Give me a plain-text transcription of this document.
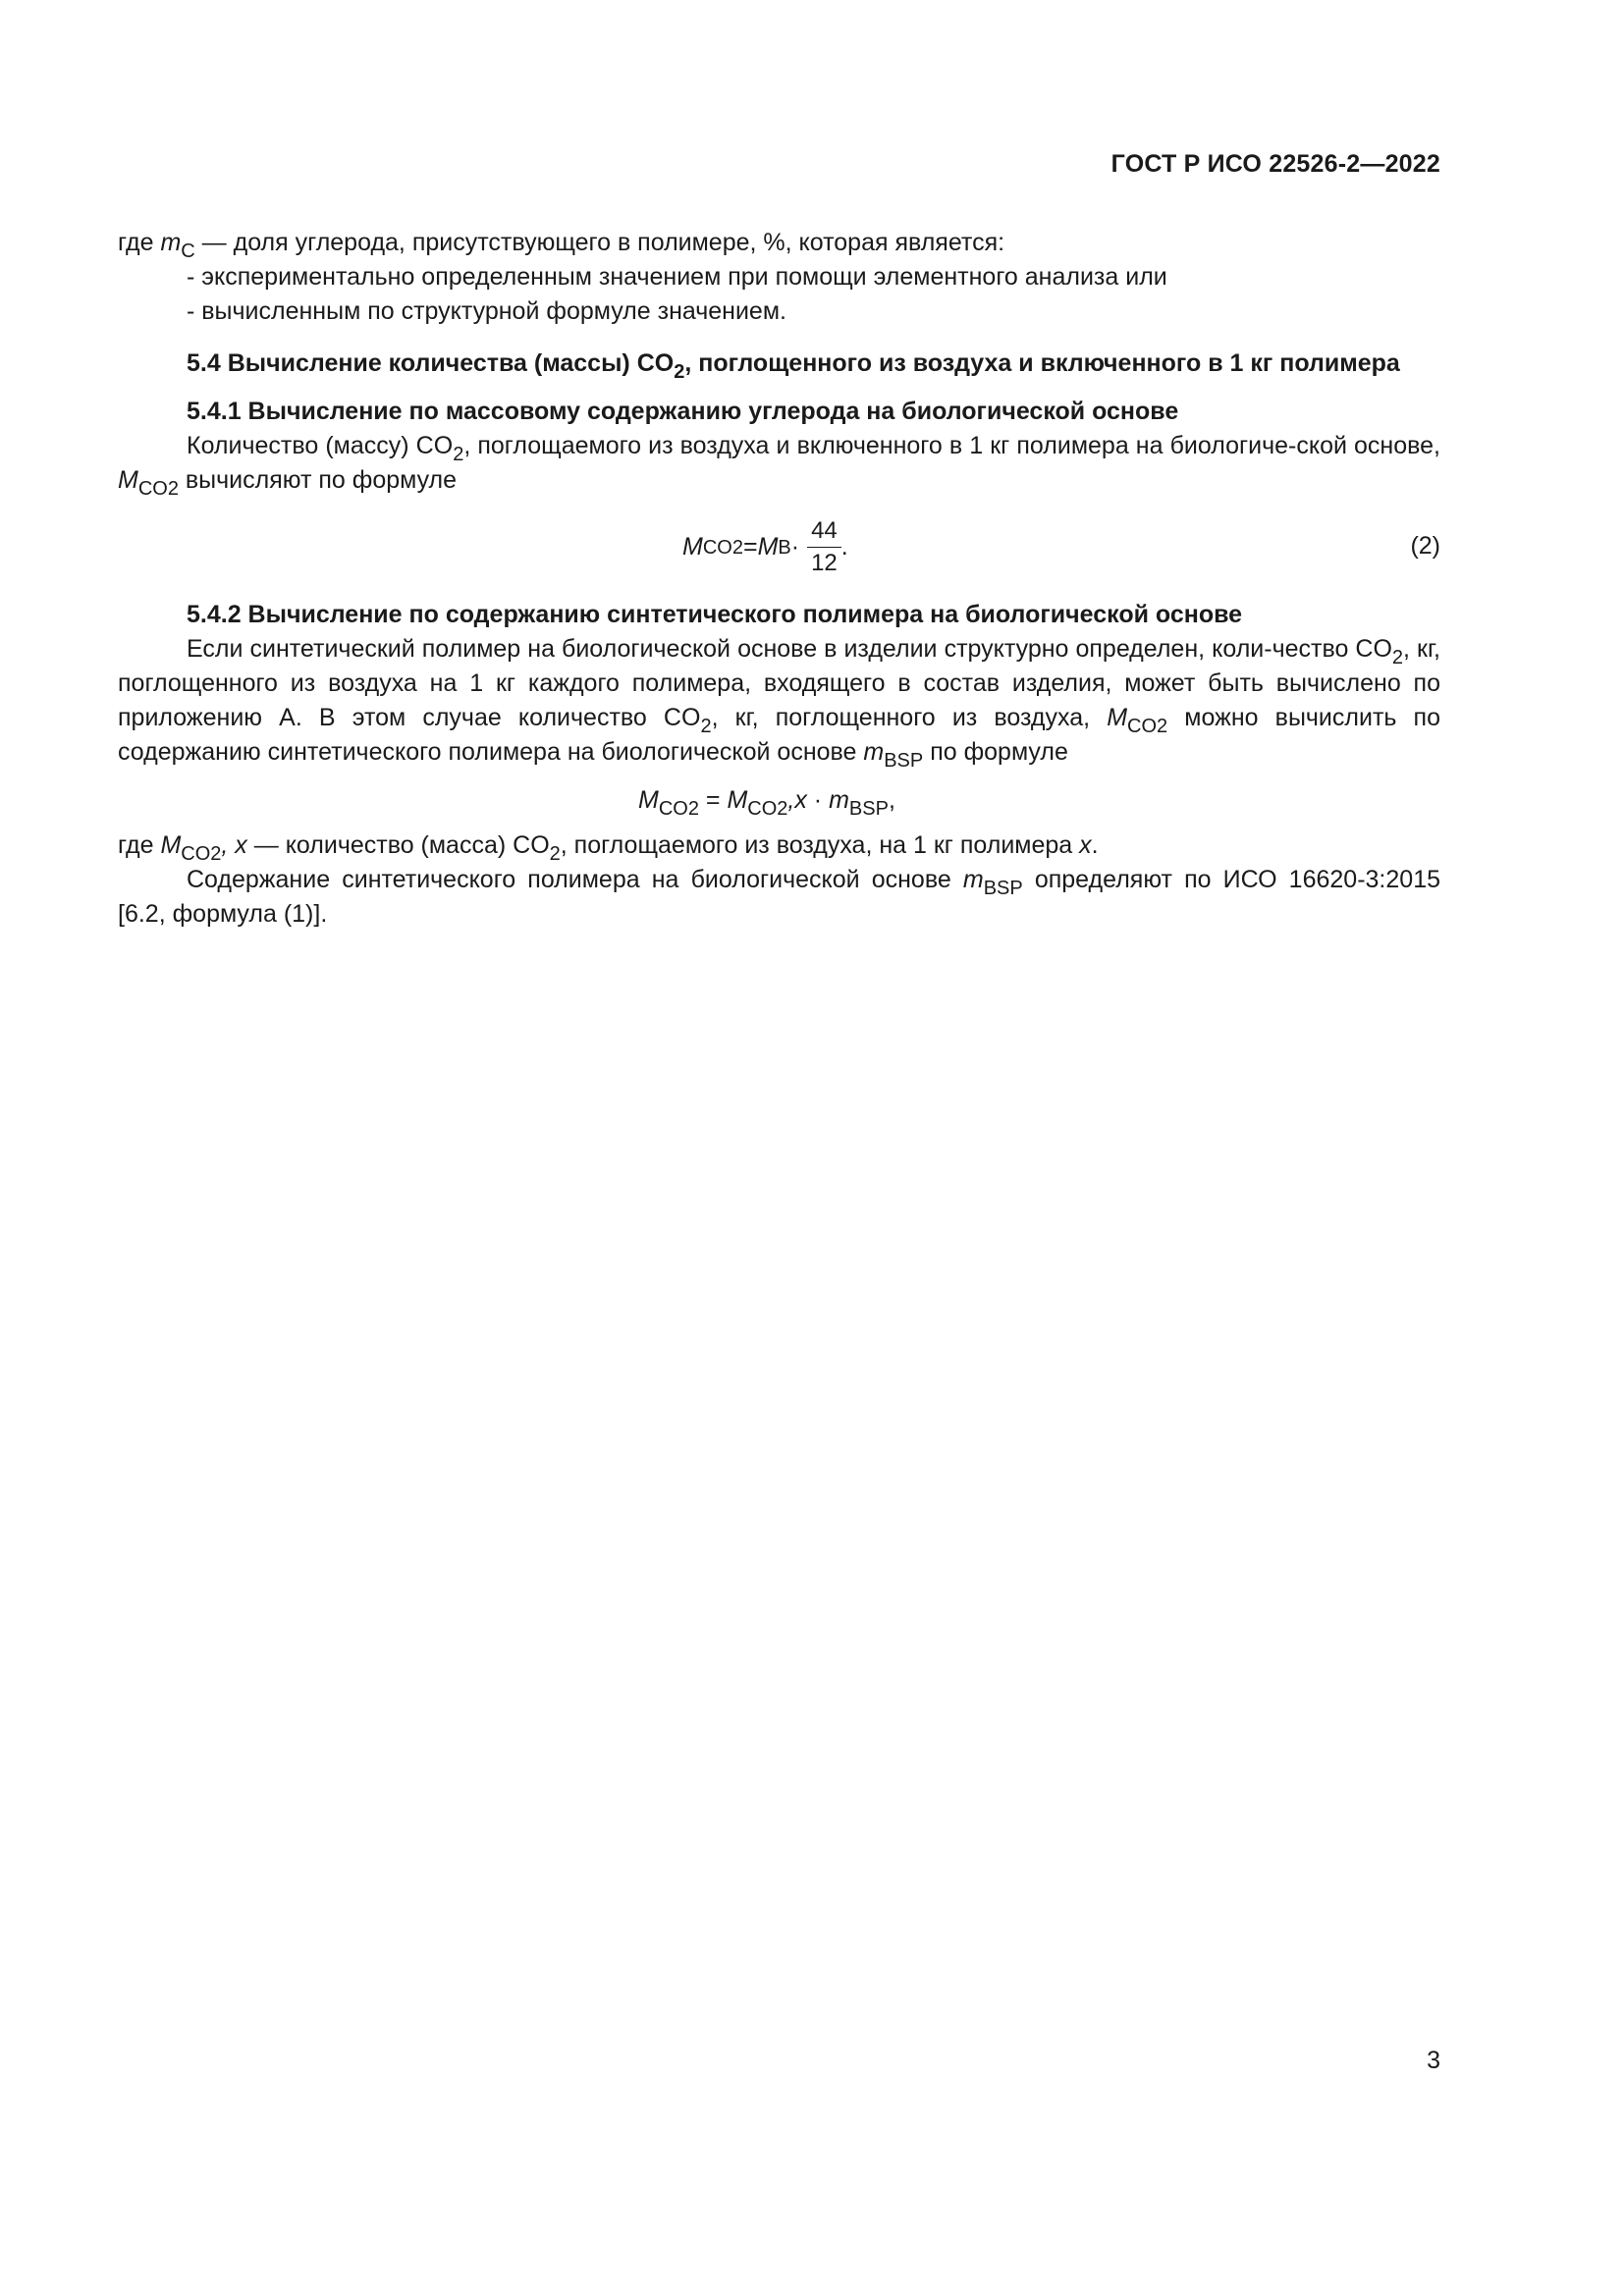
ГОСТ Р ИСО 22526-2—2022

где $m_C$ — доля углерода, присутствующего в полимере, %, которая является:

- экспериментально определенным значением при помощи элементного анализа или

- вычисленным по структурной формуле значением.

5.4 Вычисление количества (массы) $CO_2$, поглощенного из воздуха и включенного в 1 кг полимера

5.4.1 Вычисление по массовому содержанию углерода на биологической основе

Количество (массу) $CO_2$, поглощаемого из воздуха и включенного в 1 кг полимера на биологиче-ской основе, $M_{CO2}$ вычисляют по формуле

M CO2 = M $B \cdot \frac{44}{12}$ .	(2)

5.4.2 Вычисление по содержанию синтетического полимера на биологической основе

Если синтетический полимер на биологической основе в изделии структурно определен, коли-чество $CO_2$, кг, поглощенного из воздуха на 1 кг каждого полимера, входящего в состав изделия, может быть вычислено по приложению А. В этом случае количество $CO_2$, кг, поглощенного из воздуха, $M_{CO2}$ можно вычислить по содержанию синтетического полимера на биологической основе $m_{BSP}$ по формуле

$M_{CO2} = M_{CO2},x \cdot m_{BSP}$,

где $M_{CO2}$, x — количество (масса) $CO_2$, поглощаемого из воздуха, на 1 кг полимера x.

Содержание синтетического полимера на биологической основе $m_{BSP}$ определяют по ИСО 16620-3:2015 [6.2, формула (1)].

3
